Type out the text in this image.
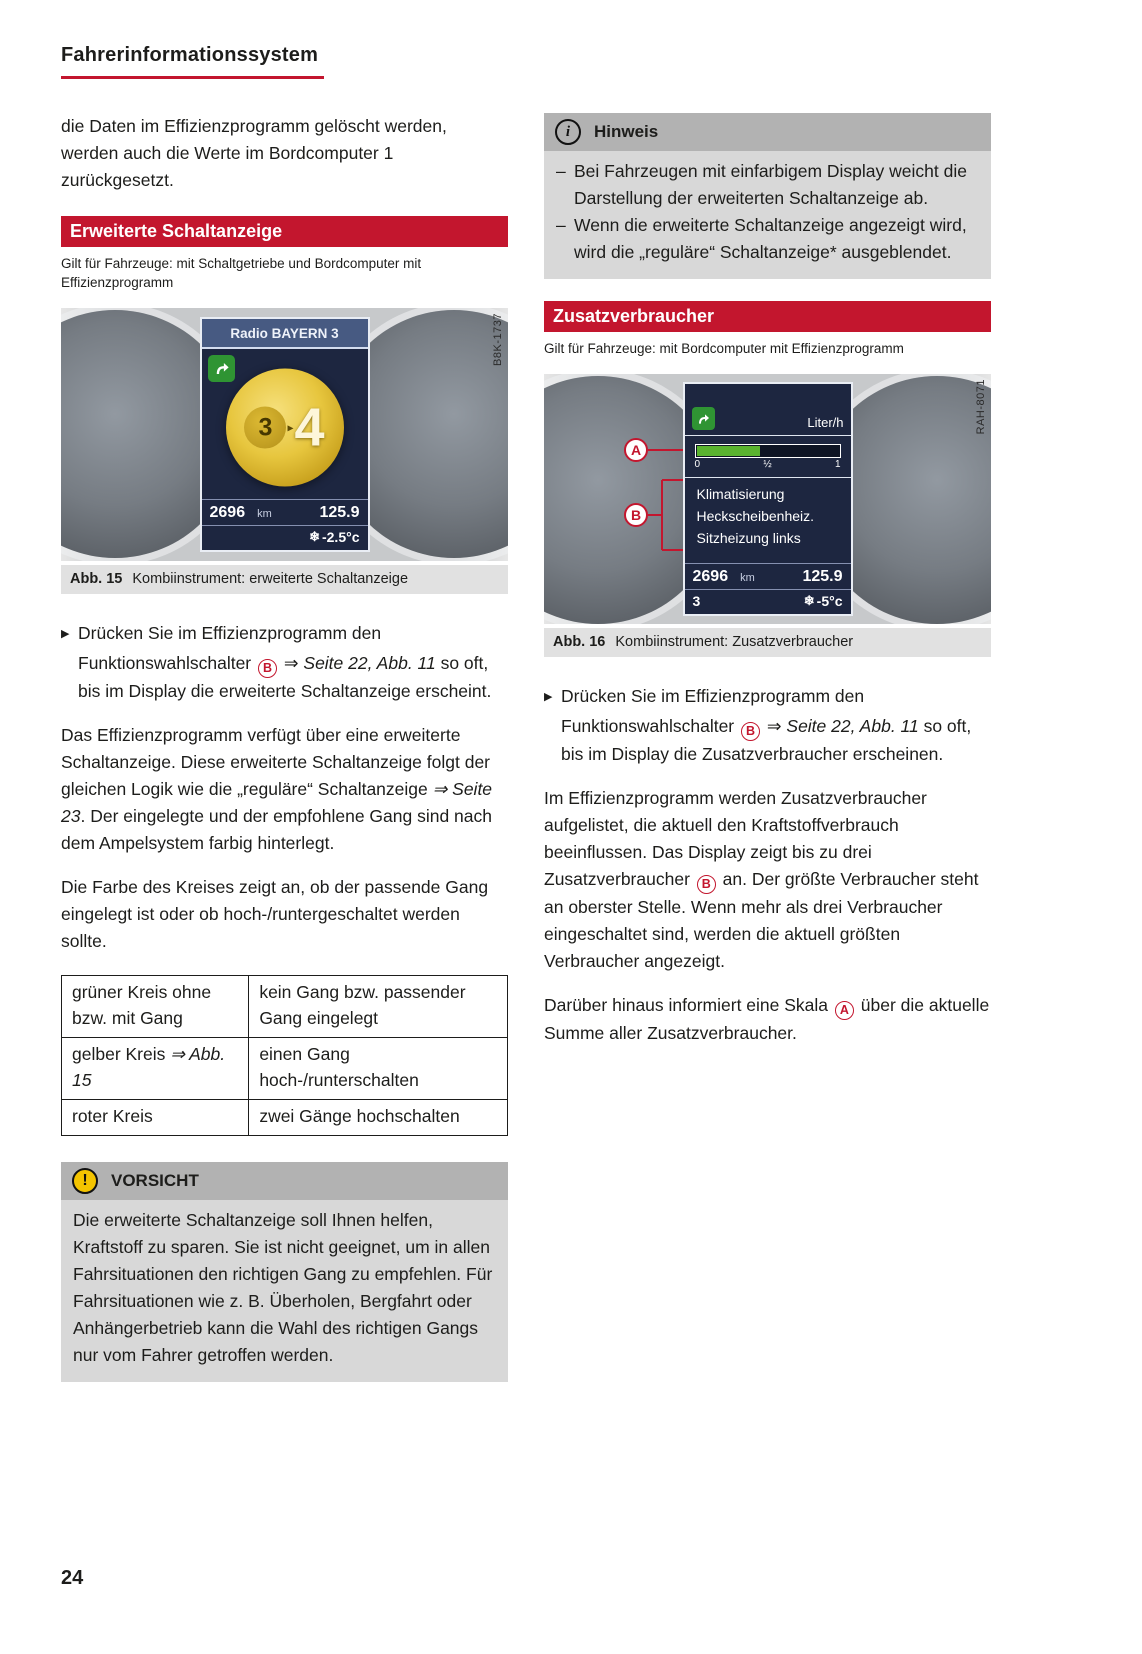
Fahrerinformationssystem

die Daten im Effizienzprogramm gelöscht werden, werden auch die Werte im Bordcomputer 1 zurückgesetzt.

Erweiterte Schaltanzeige

Gilt für Fahrzeuge: mit Schaltgetriebe und Bordcomputer mit Effizienzprogramm

Radio BAYERN 3
3	▸ 4
2696 km	125.9
❄ -2.5°c
B8K-1737
Abb. 15 Kombiinstrument: erweiterte Schaltanzeige

▶ Drücken Sie im Effizienzprogramm den Funktionswahlschalter B ⇒ Seite 22, Abb. 11 so oft, bis im Display die erweiterte Schaltanzeige erscheint.

Das Effizienzprogramm verfügt über eine erweiterte Schaltanzeige. Diese erweiterte Schaltanzeige folgt der gleichen Logik wie die „reguläre“ Schaltanzeige ⇒ Seite 23. Der eingelegte und der empfohlene Gang sind nach dem Ampelsystem farbig hinterlegt.

Die Farbe des Kreises zeigt an, ob der passende Gang eingelegt ist oder ob hoch-/runtergeschaltet werden sollte.

grüner Kreis ohne bzw. mit Gang	kein Gang bzw. passender Gang eingelegt
gelber Kreis ⇒ Abb. 15	einen Gang hoch-/runterschalten
roter Kreis	zwei Gänge hochschalten
!	VORSICHT

Die erweiterte Schaltanzeige soll Ihnen helfen, Kraftstoff zu sparen. Sie ist nicht geeignet, um in allen Fahrsituationen den richtigen Gang zu empfehlen. Für Fahrsituationen wie z. B. Überholen, Bergfahrt oder Anhängerbetrieb kann die Wahl des richtigen Gangs nur vom Fahrer getroffen werden.

i	Hinweis

– Bei Fahrzeugen mit einfarbigem Display weicht die Darstellung der erweiterten Schaltanzeige ab.

– Wenn die erweiterte Schaltanzeige angezeigt wird, wird die „reguläre“ Schaltanzeige* ausgeblendet.

Zusatzverbraucher

Gilt für Fahrzeuge: mit Bordcomputer mit Effizienzprogramm

A
B
Liter/h
0	½	1
Klimatisierung
Heckscheibenheiz.
Sitzheizung links
2696 km	125.9
3	❄ -5°c
RAH-8071
Abb. 16 Kombiinstrument: Zusatzverbraucher

▶ Drücken Sie im Effizienzprogramm den Funktionswahlschalter B ⇒ Seite 22, Abb. 11 so oft, bis im Display die Zusatzverbraucher erscheinen.

Im Effizienzprogramm werden Zusatzverbraucher aufgelistet, die aktuell den Kraftstoffverbrauch beeinflussen. Das Display zeigt bis zu drei Zusatzverbraucher B an. Der größte Verbraucher steht an oberster Stelle. Wenn mehr als drei Verbraucher eingeschaltet sind, werden die aktuell größten Verbraucher angezeigt.

Darüber hinaus informiert eine Skala A über die aktuelle Summe aller Zusatzverbraucher.

24
